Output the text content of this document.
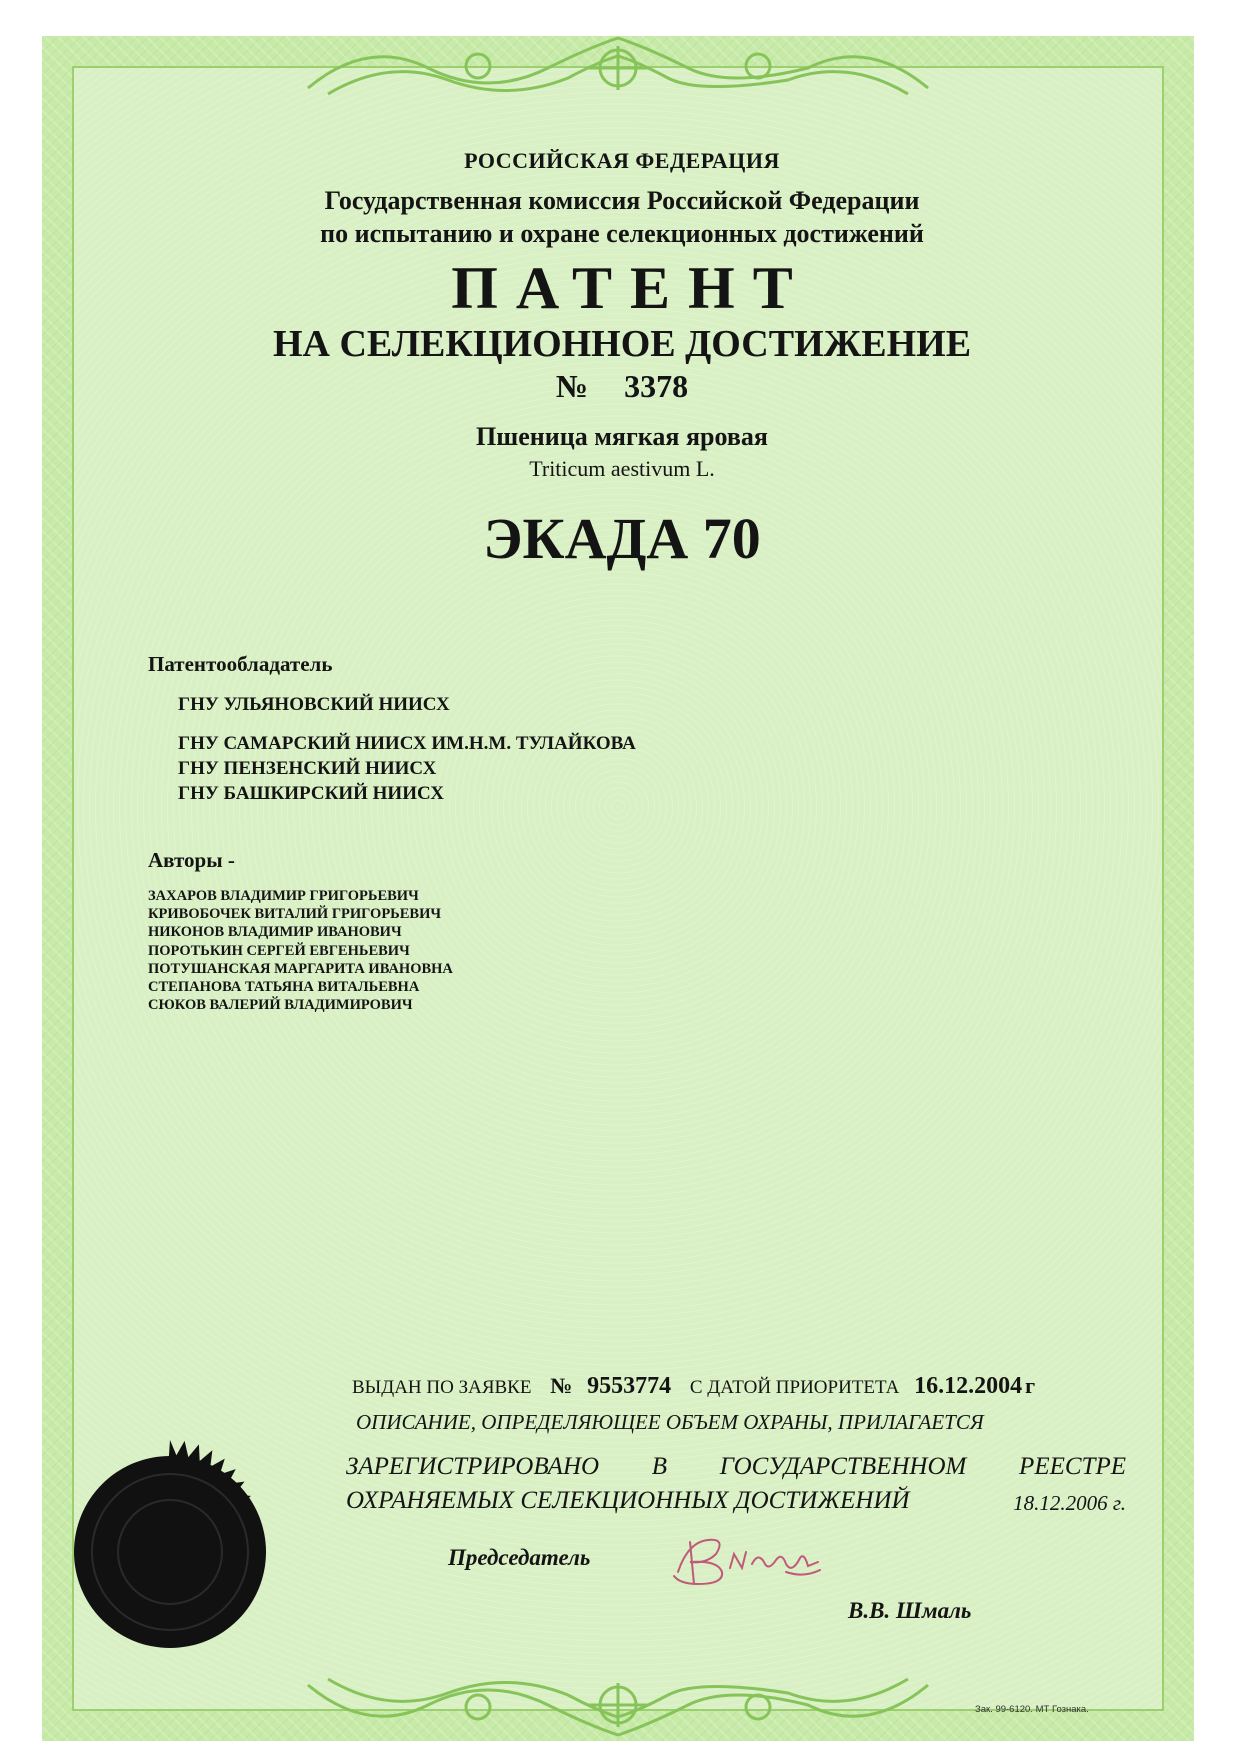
РОССИЙСКАЯ ФЕДЕРАЦИЯ
Государственная комиссия Российской Федерации
по испытанию и охране селекционных достижений
ПАТЕНТ
НА СЕЛЕКЦИОННОЕ ДОСТИЖЕНИЕ
№ 3378
Пшеница мягкая яровая
Triticum aestivum L.
ЭКАДА 70
Патентообладатель
ГНУ УЛЬЯНОВСКИЙ НИИСХ
ГНУ САМАРСКИЙ НИИСХ ИМ.Н.М. ТУЛАЙКОВА
ГНУ ПЕНЗЕНСКИЙ НИИСХ
ГНУ БАШКИРСКИЙ НИИСХ
Авторы -
ЗАХАРОВ ВЛАДИМИР ГРИГОРЬЕВИЧ
КРИВОБОЧЕК ВИТАЛИЙ ГРИГОРЬЕВИЧ
НИКОНОВ ВЛАДИМИР ИВАНОВИЧ
ПОРОТЬКИН СЕРГЕЙ ЕВГЕНЬЕВИЧ
ПОТУШАНСКАЯ МАРГАРИТА ИВАНОВНА
СТЕПАНОВА ТАТЬЯНА ВИТАЛЬЕВНА
СЮКОВ ВАЛЕРИЙ ВЛАДИМИРОВИЧ
ВЫДАН ПО ЗАЯВКЕ № 9553774 С ДАТОЙ ПРИОРИТЕТА 16.12.2004 г
ОПИСАНИЕ, ОПРЕДЕЛЯЮЩЕЕ ОБЪЕМ ОХРАНЫ, ПРИЛАГАЕТСЯ
ЗАРЕГИСТРИРОВАНО В ГОСУДАРСТВЕННОМ РЕЕСТРЕ
ОХРАНЯЕМЫХ СЕЛЕКЦИОННЫХ ДОСТИЖЕНИЙ	18.12.2006 г.
Председатель
В.В. Шмаль
Зак. 99-6120. МТ Гознака.
